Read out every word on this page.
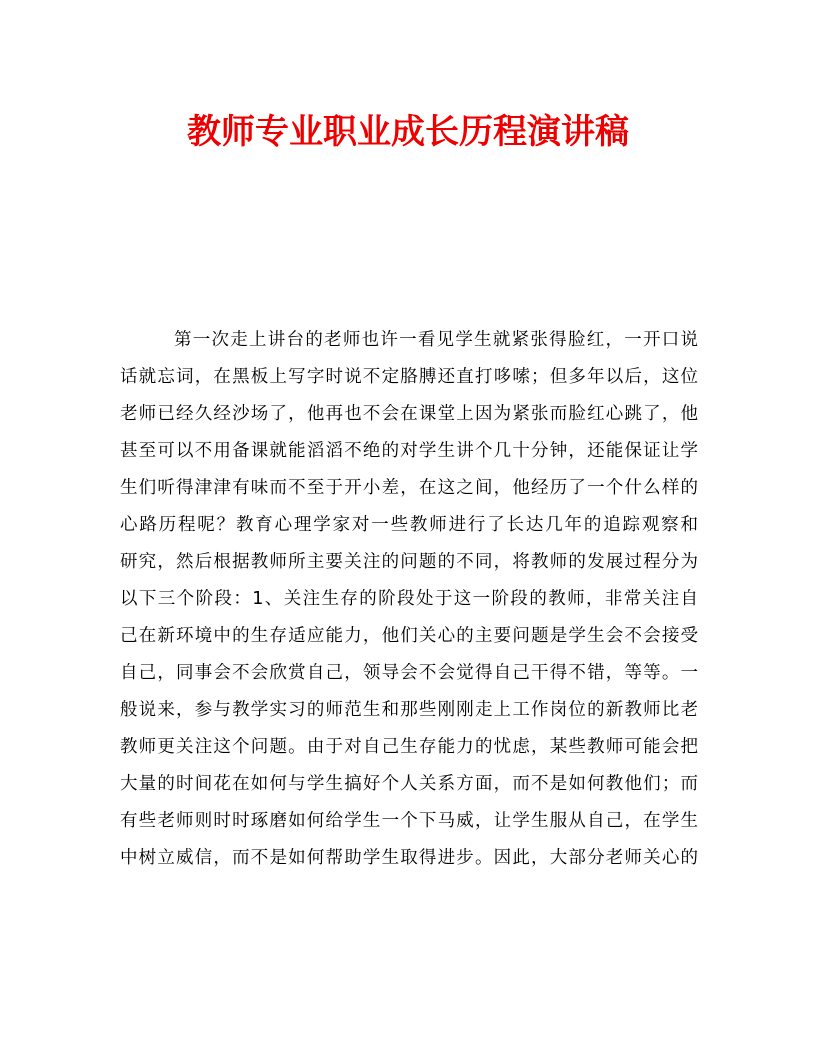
教师专业职业成长历程演讲稿
第一次走上讲台的老师也许一看见学生就紧张得脸红，一开口说
话就忘词，在黑板上写字时说不定胳膊还直打哆嗦；但多年以后，这位
老师已经久经沙场了，他再也不会在课堂上因为紧张而脸红心跳了，他
甚至可以不用备课就能滔滔不绝的对学生讲个几十分钟，还能保证让学
生们听得津津有味而不至于开小差，在这之间，他经历了一个什么样的
心路历程呢？教育心理学家对一些教师进行了长达几年的追踪观察和
研究，然后根据教师所主要关注的问题的不同，将教师的发展过程分为
以下三个阶段：1、关注生存的阶段处于这一阶段的教师，非常关注自
己在新环境中的生存适应能力，他们关心的主要问题是学生会不会接受
自己，同事会不会欣赏自己，领导会不会觉得自己干得不错，等等。一
般说来，参与教学实习的师范生和那些刚刚走上工作岗位的新教师比老
教师更关注这个问题。由于对自己生存能力的忧虑，某些教师可能会把
大量的时间花在如何与学生搞好个人关系方面，而不是如何教他们；而
有些老师则时时琢磨如何给学生一个下马威，让学生服从自己，在学生
中树立威信，而不是如何帮助学生取得进步。因此，大部分老师关心的
